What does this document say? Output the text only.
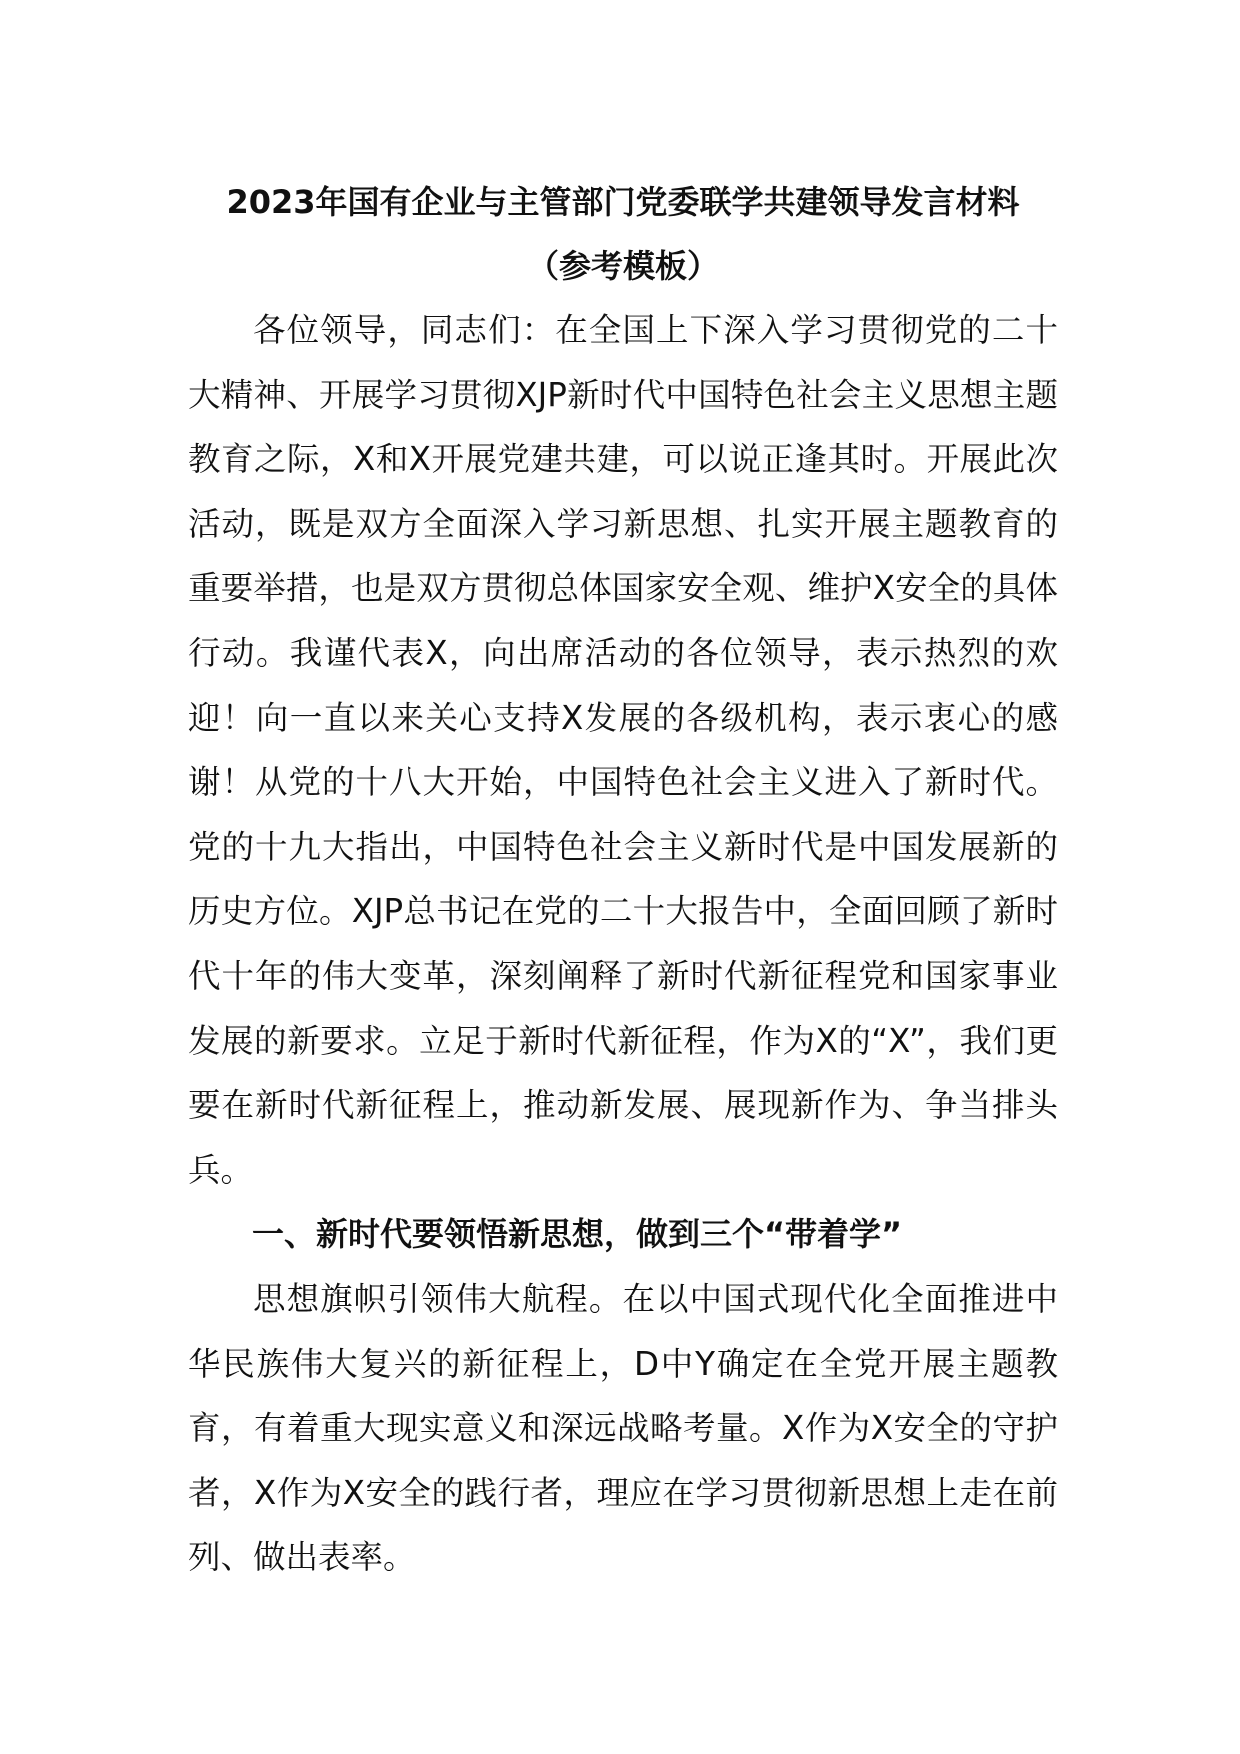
2023年国有企业与主管部门党委联学共建领导发言材料

（参考模板）

各位领导，同志们：在全国上下深入学习贯彻党的二十大精神、开展学习贯彻XJP新时代中国特色社会主义思想主题教育之际，X和X开展党建共建，可以说正逢其时。开展此次活动，既是双方全面深入学习新思想、扎实开展主题教育的重要举措，也是双方贯彻总体国家安全观、维护X安全的具体行动。我谨代表X，向出席活动的各位领导，表示热烈的欢迎！向一直以来关心支持X发展的各级机构，表示衷心的感谢！从党的十八大开始，中国特色社会主义进入了新时代。党的十九大指出，中国特色社会主义新时代是中国发展新的历史方位。XJP总书记在党的二十大报告中，全面回顾了新时代十年的伟大变革，深刻阐释了新时代新征程党和国家事业发展的新要求。立足于新时代新征程，作为X的“X”，我们更要在新时代新征程上，推动新发展、展现新作为、争当排头兵。

一、新时代要领悟新思想，做到三个“带着学”

思想旗帜引领伟大航程。在以中国式现代化全面推进中华民族伟大复兴的新征程上，D中Y确定在全党开展主题教育，有着重大现实意义和深远战略考量。X作为X安全的守护者，X作为X安全的践行者，理应在学习贯彻新思想上走在前列、做出表率。
